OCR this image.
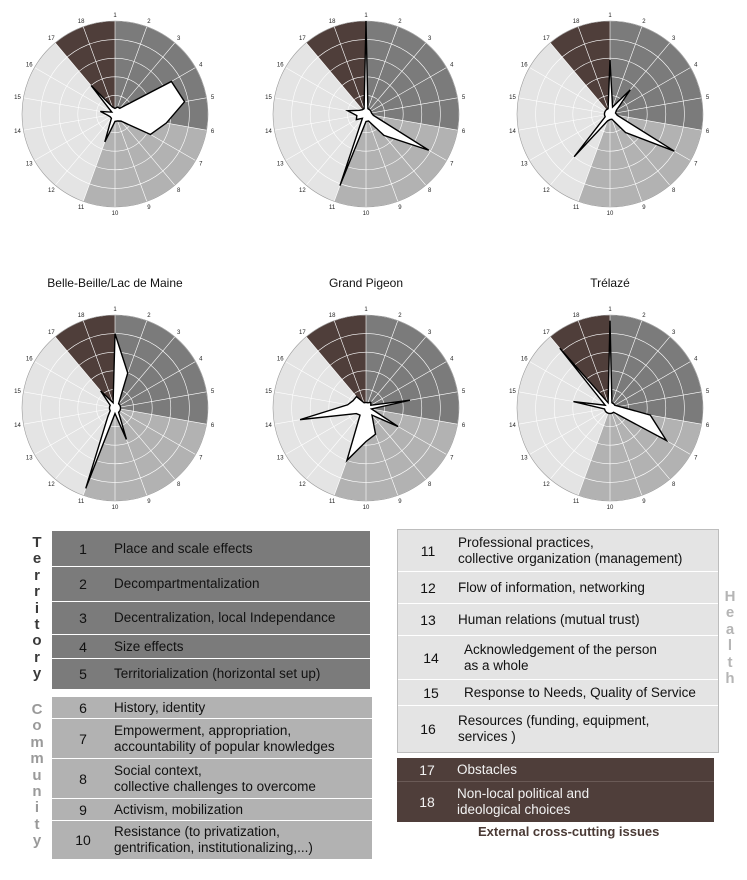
1
2
3
4
5
6
7
8
9
10
11
12
13
14
15
16
17
18
1
2
3
4
5
6
7
8
9
10
11
12
13
14
15
16
17
18
1
2
3
4
5
6
7
8
9
10
11
12
13
14
15
16
17
18
Belle-Beille/Lac de Maine
1
2
3
4
5
6
7
8
9
10
11
12
13
14
15
16
17
18
Grand Pigeon
1
2
3
4
5
6
7
8
9
10
11
12
13
14
15
16
17
18
Trélazé
1
2
3
4
5
6
7
8
9
10
11
12
13
14
15
16
17
18
T
e
r
r
i
t
o
r
y
1	Place and scale effects
2	Decompartmentalization
3	Decentralization, local Independance
4	Size effects
5	Territorialization (horizontal set up)
C
o
m
m
u
n
i
t
y
6	History, identity
7
Empowerment, appropriation,
accountability of popular knowledges
8
Social context,
collective challenges to overcome
9	Activism, mobilization
10
Resistance (to privatization,
gentrification, institutionalizing,...)
11
Professional practices,
collective organization (management)
12	Flow of information, networking
13	Human relations (mutual trust)
14
Acknowledgement of the person
as a whole
15	Response to Needs, Quality of Service
16
Resources (funding, equipment,
services )
H
e
a
l
t
h
17	Obstacles
18
Non-local political and
ideological choices
External cross-cutting issues
